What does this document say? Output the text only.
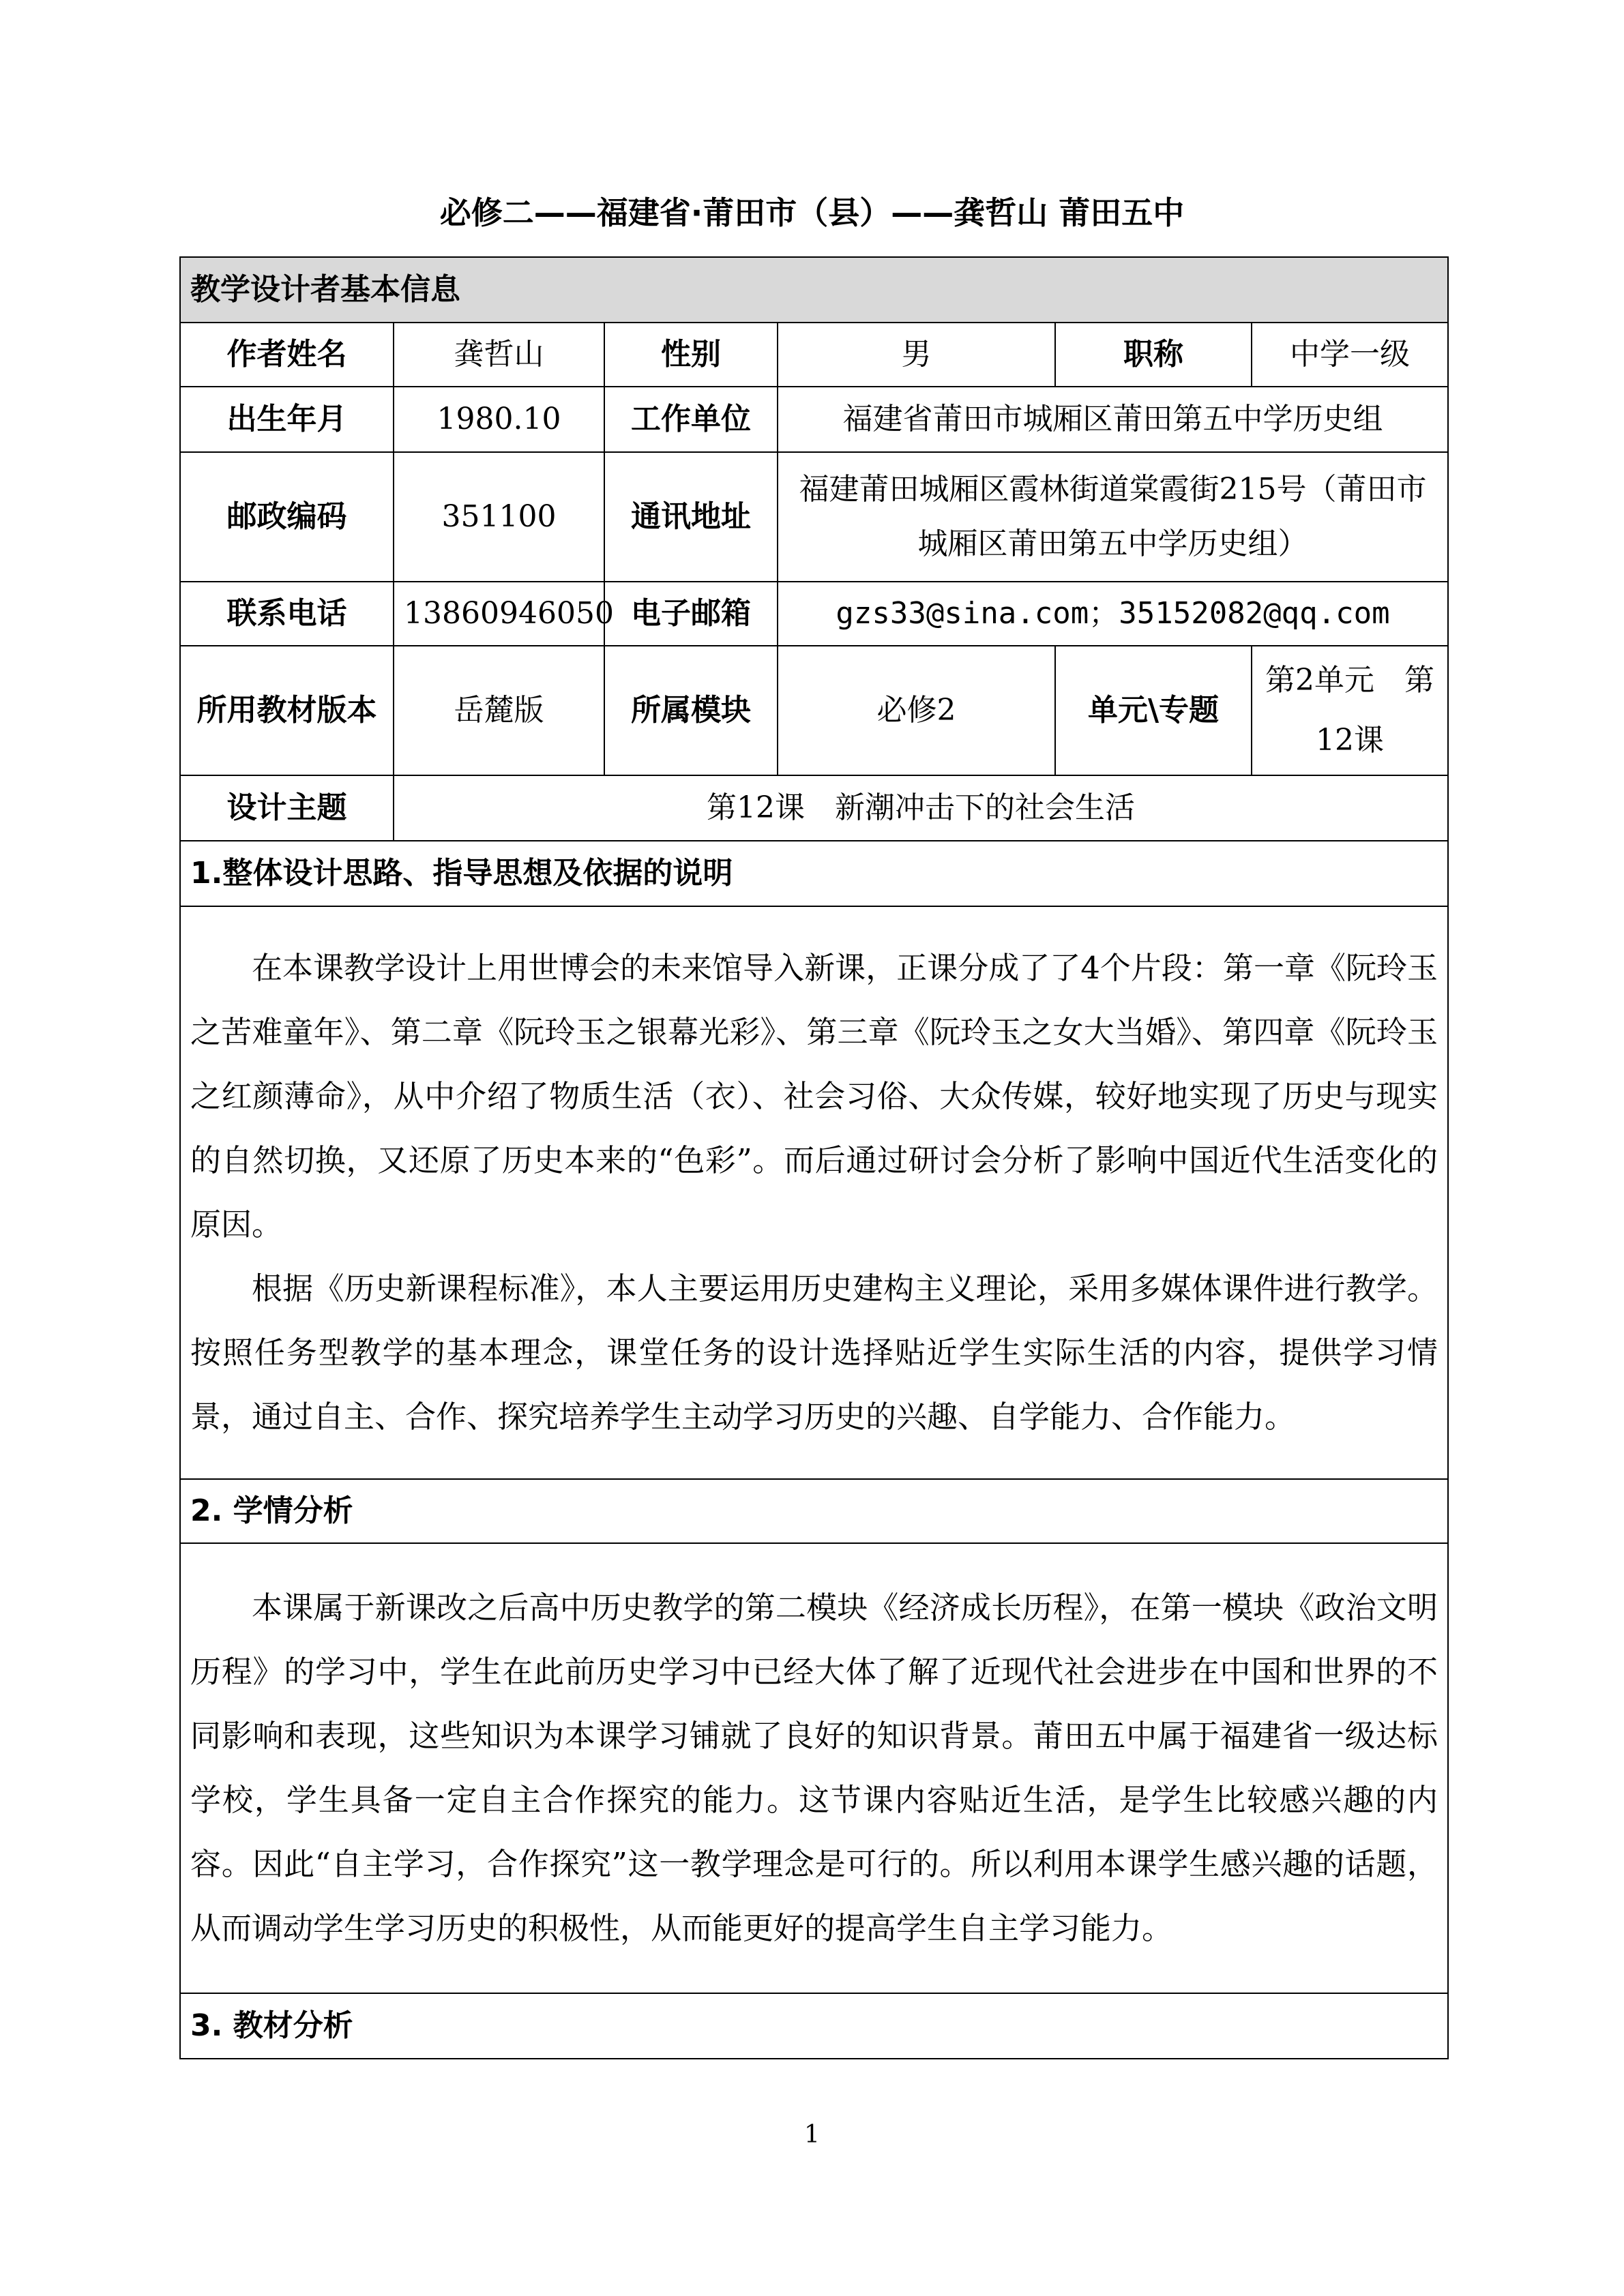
必修二——福建省·莆田市（县）——龚哲山 莆田五中
教学设计者基本信息					
作者姓名	龚哲山	性别	男	职称	中学一级
出生年月	1980.10	工作单位	福建省莆田市城厢区莆田第五中学历史组		
邮政编码	351100	通讯地址	福建莆田城厢区霞林街道棠霞街215号（莆田市城厢区莆田第五中学历史组）		
联系电话	13860946050	电子邮箱	gzs33@sina.com；35152082@qq.com		
所用教材版本	岳麓版	所属模块	必修2	单元\专题	第2单元　第12课
设计主题	第12课　新潮冲击下的社会生活				
1.整体设计思路、指导思想及依据的说明					

在本课教学设计上用世博会的未来馆导入新课，正课分成了了4个片段：第一章《阮玲玉之苦难童年》、第二章《阮玲玉之银幕光彩》、第三章《阮玲玉之女大当婚》、第四章《阮玲玉之红颜薄命》，从中介绍了物质生活（衣）、社会习俗、大众传媒，较好地实现了历史与现实的自然切换，又还原了历史本来的“色彩”。而后通过研讨会分析了影响中国近代生活变化的原因。

根据《历史新课程标准》，本人主要运用历史建构主义理论，采用多媒体课件进行教学。按照任务型教学的基本理念，课堂任务的设计选择贴近学生实际生活的内容，提供学习情景，通过自主、合作、探究培养学生主动学习历史的兴趣、自学能力、合作能力。					

2. 学情分析					

本课属于新课改之后高中历史教学的第二模块《经济成长历程》，在第一模块《政治文明历程》的学习中，学生在此前历史学习中已经大体了解了近现代社会进步在中国和世界的不同影响和表现，这些知识为本课学习铺就了良好的知识背景。莆田五中属于福建省一级达标学校，学生具备一定自主合作探究的能力。这节课内容贴近生活，是学生比较感兴趣的内容。因此“自主学习，合作探究”这一教学理念是可行的。所以利用本课学生感兴趣的话题，从而调动学生学习历史的积极性，从而能更好的提高学生自主学习能力。					

3. 教材分析					
1
